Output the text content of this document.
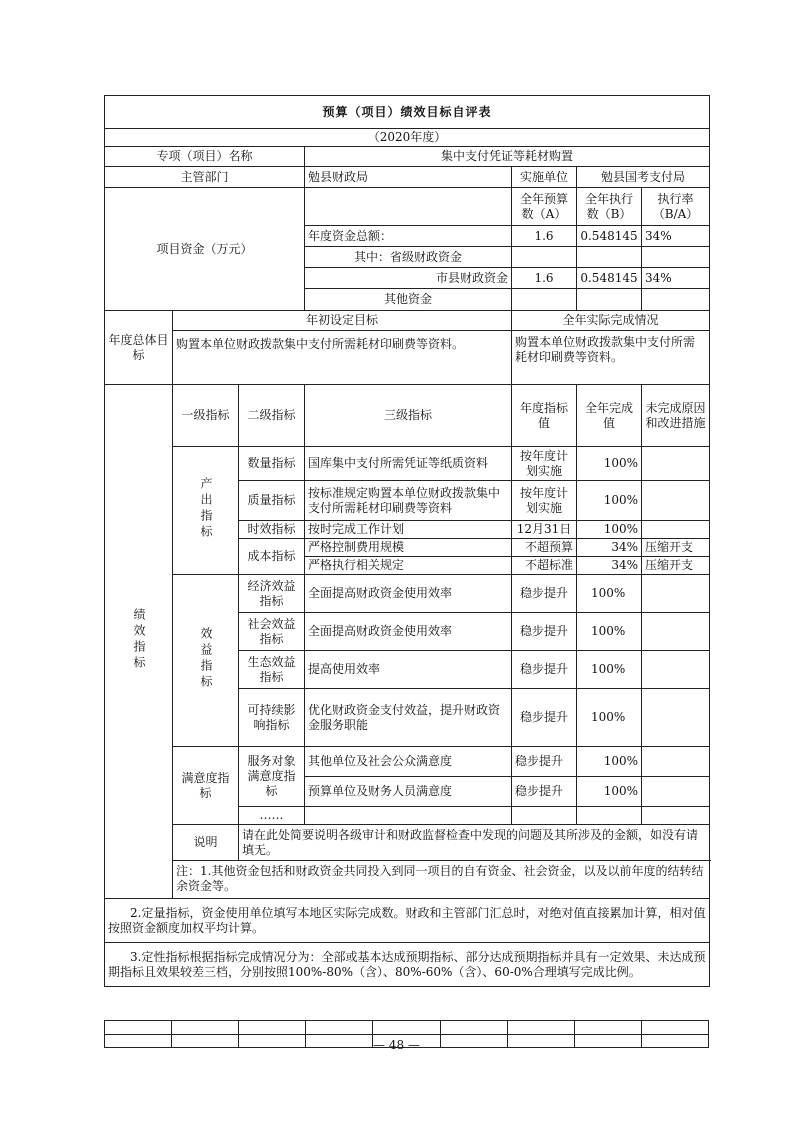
预算（项目）绩效目标自评表						
（2020年度）						
专项（项目）名称			集中支付凭证等耗材购置			
主管部门			勉县财政局	实施单位	勉县国考支付局	
项目资金（万元）				全年预算数（A）	全年执行数（B）	执行率（B/A）
			年度资金总额：	1.6	0.548145	34%
			其中：省级财政资金			
			市县财政资金	1.6	0.548145	34%
			其他资金			
年度总体目标	年初设定目标			全年实际完成情况		
	购置本单位财政拨款集中支付所需耗材印刷费等资料。			购置本单位财政拨款集中支付所需耗材印刷费等资料。		
绩效指标	一级指标	二级指标	三级指标	年度指标值	全年完成值	未完成原因和改进措施
	产出指标	数量指标	国库集中支付所需凭证等纸质资料	按年度计划实施	100%	
		质量指标	按标准规定购置本单位财政拨款集中支付所需耗材印刷费等资料	按年度计划实施	100%	
		时效指标	按时完成工作计划	12月31日	100%	
		成本指标	严格控制费用规模	不超预算	34%	压缩开支
			严格执行相关规定	不超标准	34%	压缩开支
	效益指标	经济效益指标	全面提高财政资金使用效率	稳步提升	100%	
		社会效益指标	全面提高财政资金使用效率	稳步提升	100%	
		生态效益指标	提高使用效率	稳步提升	100%	
		可持续影响指标	优化财政资金支付效益，提升财政资金服务职能	稳步提升	100%	
	满意度指标	服务对象满意度指标	其他单位及社会公众满意度	稳步提升	100%	
			预算单位及财务人员满意度	稳步提升	100%	
		……				
	说明	请在此处简要说明各级审计和财政监督检查中发现的问题及其所涉及的金额，如没有请填无。				
	注：1.其他资金包括和财政资金共同投入到同一项目的自有资金、社会资金，以及以前年度的结转结余资金等。					
2.定量指标，资金使用单位填写本地区实际完成数。财政和主管部门汇总时，对绝对值直接累加计算，相对值按照资金额度加权平均计算。						
3.定性指标根据指标完成情况分为：全部或基本达成预期指标、部分达成预期指标并具有一定效果、未达成预期指标且效果较差三档，分别按照100%-80%（含）、80%-60%（含）、60-0%合理填写完成比例。						

— 48 —
